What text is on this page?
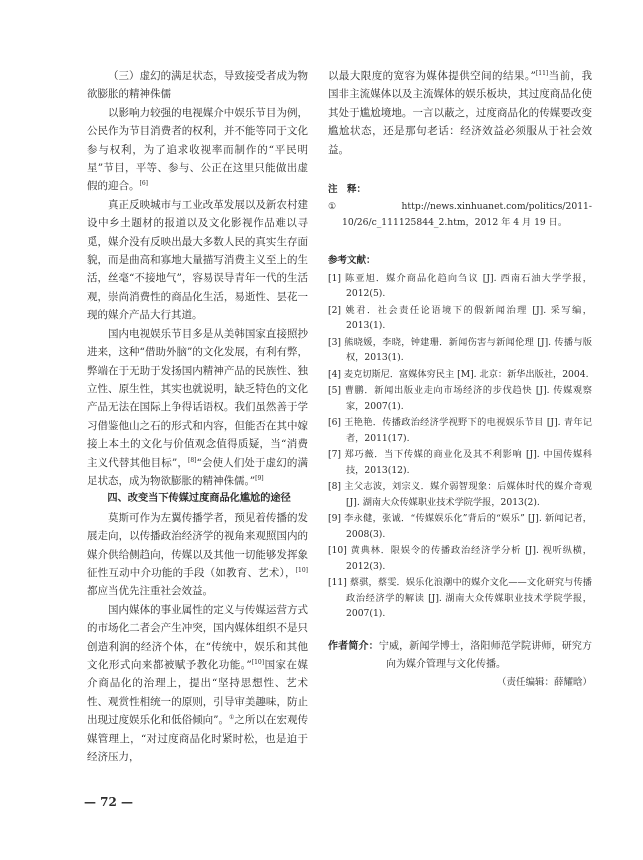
（三）虚幻的满足状态，导致接受者成为物欲膨胀的精神侏儒

以影响力较强的电视媒介中娱乐节目为例，公民作为节目消费者的权利，并不能等同于文化参与权利，为了追求收视率而制作的“平民明星”节目，平等、参与、公正在这里只能做出虚假的迎合。[6]

真正反映城市与工业改革发展以及新农村建设中乡土题材的报道以及文化影视作品难以寻觅，媒介没有反映出最大多数人民的真实生存面貌，而是曲高和寡地大量描写消费主义至上的生活，丝毫“不接地气”，容易误导青年一代的生活观，崇尚消费性的商品化生活，易逝性、昙花一现的媒介产品大行其道。

国内电视娱乐节目多是从美韩国家直接照抄进来，这种“借助外脑”的文化发展，有利有弊，弊端在于无助于发扬国内精神产品的民族性、独立性、原生性，其实也就说明，缺乏特色的文化产品无法在国际上争得话语权。我们虽然善于学习借鉴他山之石的形式和内容，但能否在其中嫁接上本土的文化与价值观念值得质疑，当“消费主义代替其他目标”，[8]“会使人们处于虚幻的满足状态，成为物欲膨胀的精神侏儒。”[9]

四、改变当下传媒过度商品化尴尬的途径

莫斯可作为左翼传播学者，预见着传播的发展走向，以传播政治经济学的视角来观照国内的媒介供给侧趋向，传媒以及其他一切能够发挥象征性互动中介功能的手段（如教育、艺术），[10]都应当优先注重社会效益。

国内媒体的事业属性的定义与传媒运营方式的市场化二者会产生冲突，国内媒体组织不是只创造利润的经济个体，在“传统中，娱乐和其他文化形式向来都被赋予教化功能。”[10]国家在媒介商品化的治理上，提出“坚持思想性、艺术性、观赏性相统一的原则，引导审美趣味，防止出现过度娱乐化和低俗倾向”。①之所以在宏观传媒管理上，“对过度商品化时紧时松，也是迫于经济压力，

以最大限度的宽容为媒体提供空间的结果。”[11]当前，我国非主流媒体以及主流媒体的娱乐板块，其过度商品化使其处于尴尬境地。一言以蔽之，过度商品化的传媒要改变尴尬状态，还是那句老话：经济效益必须服从于社会效益。

注　释：

① http://news.xinhuanet.com/politics/2011-10/26/c_111125844_2.htm，2012 年 4 月 19 日。

参考文献：

[1] 陈亚旭．媒介商品化趋向刍议 [J]. 西南石油大学学报，2012(5).

[2] 姚君．社会责任论语境下的假新闻治理 [J]. 采写编，2013(1).

[3] 熊晓媛，李晓，钟建珊．新闻伤害与新闻伦理 [J]. 传播与版权，2013(1).

[4] 麦克切斯尼．富媒体穷民主 [M]. 北京：新华出版社，2004.

[5] 曹鹏．新闻出版业走向市场经济的步伐趋快 [J]. 传媒观察家，2007(1).

[6] 王艳艳．传播政治经济学视野下的电视娱乐节目 [J]. 青年记者，2011(17).

[7] 郑巧薇．当下传媒的商业化及其不利影响 [J]. 中国传媒科技，2013(12).

[8] 主父志波，刘宗义．媒介弱智现象：后媒体时代的媒介奇观 [J]. 湖南大众传媒职业技术学院学报，2013(2).

[9] 李永健，张诚．“传媒娱乐化”背后的“娱乐” [J]. 新闻记者，2008(3).

[10] 黄典林．限娱令的传播政治经济学分析 [J]. 视听纵横，2012(3).

[11] 蔡骐，蔡雯．娱乐化浪潮中的媒介文化——文化研究与传播政治经济学的解读 [J]. 湖南大众传媒职业技术学院学报，2007(1).

作者简介：宁威，新闻学博士，洛阳师范学院讲师，研究方向为媒介管理与文化传播。

（责任编辑：薛耀晗）

— 72 —
